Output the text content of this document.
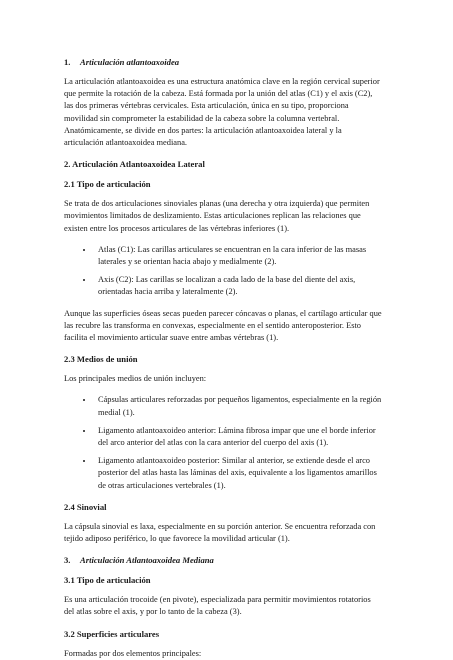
1. Articulación atlantoaxoidea

La articulación atlantoaxoidea es una estructura anatómica clave en la región cervical superior que permite la rotación de la cabeza. Está formada por la unión del atlas (C1) y el axis (C2), las dos primeras vértebras cervicales. Esta articulación, única en su tipo, proporciona movilidad sin comprometer la estabilidad de la cabeza sobre la columna vertebral. Anatómicamente, se divide en dos partes: la articulación atlantoaxoidea lateral y la articulación atlantoaxoidea mediana.

2. Articulación Atlantoaxoidea Lateral
2.1 Tipo de articulación

Se trata de dos articulaciones sinoviales planas (una derecha y otra izquierda) que permiten movimientos limitados de deslizamiento. Estas articulaciones replican las relaciones que existen entre los procesos articulares de las vértebras inferiores (1).

• Atlas (C1): Las carillas articulares se encuentran en la cara inferior de las masas laterales y se orientan hacia abajo y medialmente (2).
• Axis (C2): Las carillas se localizan a cada lado de la base del diente del axis, orientadas hacia arriba y lateralmente (2).

Aunque las superficies óseas secas pueden parecer cóncavas o planas, el cartílago articular que las recubre las transforma en convexas, especialmente en el sentido anteroposterior. Esto facilita el movimiento articular suave entre ambas vértebras (1).

2.3 Medios de unión

Los principales medios de unión incluyen:

• Cápsulas articulares reforzadas por pequeños ligamentos, especialmente en la región medial (1).
• Ligamento atlantoaxoideo anterior: Lámina fibrosa impar que une el borde inferior del arco anterior del atlas con la cara anterior del cuerpo del axis (1).
• Ligamento atlantoaxoideo posterior: Similar al anterior, se extiende desde el arco posterior del atlas hasta las láminas del axis, equivalente a los ligamentos amarillos de otras articulaciones vertebrales (1).
2.4 Sinovial

La cápsula sinovial es laxa, especialmente en su porción anterior. Se encuentra reforzada con tejido adiposo periférico, lo que favorece la movilidad articular (1).

3. Articulación Atlantoaxoidea Mediana
3.1 Tipo de articulación

Es una articulación trocoide (en pivote), especializada para permitir movimientos rotatorios del atlas sobre el axis, y por lo tanto de la cabeza (3).

3.2 Superficies articulares

Formadas por dos elementos principales:
